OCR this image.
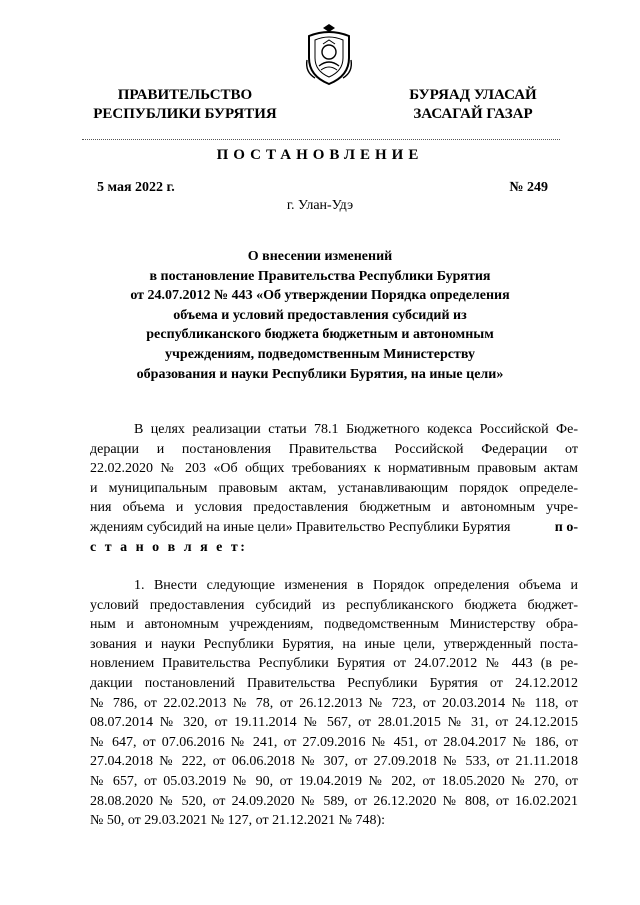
ПРАВИТЕЛЬСТВО
РЕСПУБЛИКИ БУРЯТИЯ
БУРЯАД УЛАСАЙ
ЗАСАГАЙ ГАЗАР
ПОСТАНОВЛЕНИЕ
5 мая 2022 г.	№ 249
г. Улан-Удэ
О внесении изменений
в постановление Правительства Республики Бурятия
от 24.07.2012 № 443 «Об утверждении Порядка определения
объема и условий предоставления субсидий из
республиканского бюджета бюджетным и автономным
учреждениям, подведомственным Министерству
образования и науки Республики Бурятия, на иные цели»
В целях реализации статьи 78.1 Бюджетного кодекса Российской Фе-
дерации и постановления Правительства Российской Федерации от
22.02.2020 № 203 «Об общих требованиях к нормативным правовым актам
и муниципальным правовым актам, устанавливающим порядок определе-
ния объема и условия предоставления бюджетным и автономным учре-
ждениям субсидий на иные цели» Правительство Республики Бурятия	п о-
с т а н о в л я е т:
1. Внести следующие изменения в Порядок определения объема и
условий предоставления субсидий из республиканского бюджета бюджет-
ным и автономным учреждениям, подведомственным Министерству обра-
зования и науки Республики Бурятия, на иные цели, утвержденный поста-
новлением Правительства Республики Бурятия от 24.07.2012 № 443 (в ре-
дакции постановлений Правительства Республики Бурятия от 24.12.2012
№ 786, от 22.02.2013 № 78, от 26.12.2013 № 723, от 20.03.2014 № 118, от
08.07.2014 № 320, от 19.11.2014 № 567, от 28.01.2015 № 31, от 24.12.2015
№ 647, от 07.06.2016 № 241, от 27.09.2016 № 451, от 28.04.2017 № 186, от
27.04.2018 № 222, от 06.06.2018 № 307, от 27.09.2018 № 533, от 21.11.2018
№ 657, от 05.03.2019 № 90, от 19.04.2019 № 202, от 18.05.2020 № 270, от
28.08.2020 № 520, от 24.09.2020 № 589, от 26.12.2020 № 808, от 16.02.2021
№ 50, от 29.03.2021 № 127, от 21.12.2021 № 748):
